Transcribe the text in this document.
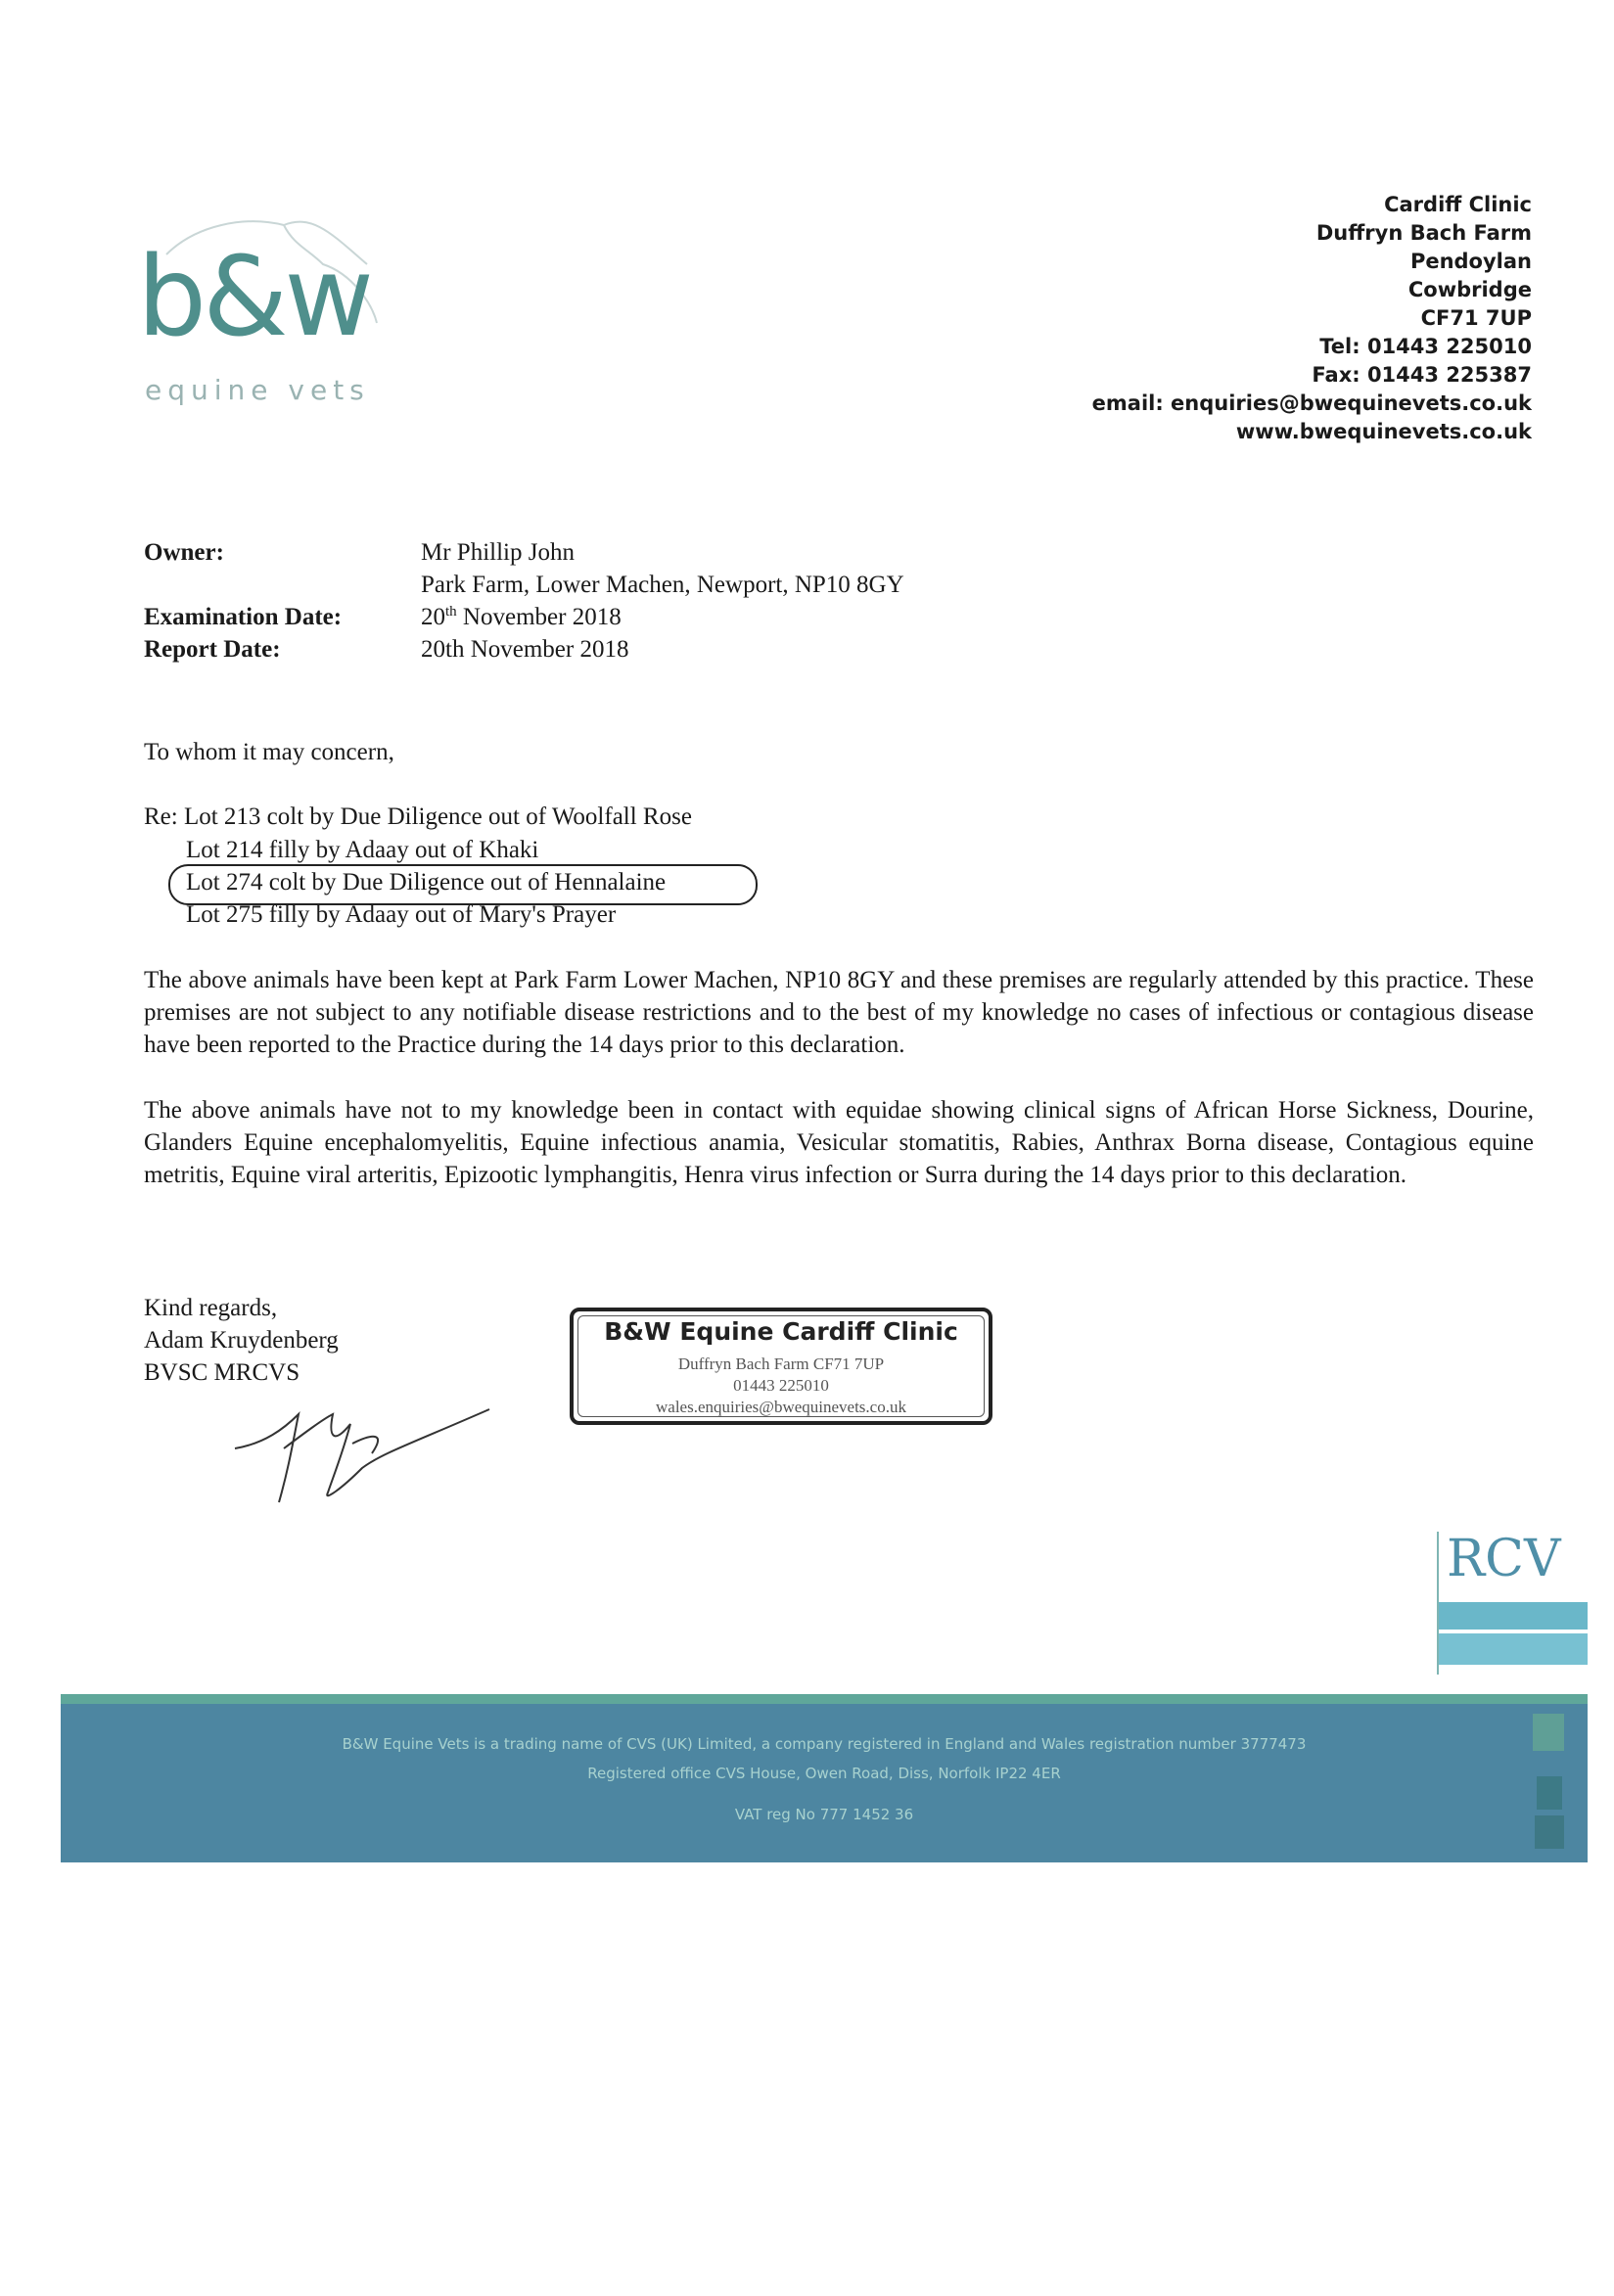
b&w
equine vets
Cardiff Clinic
Duffryn Bach Farm
Pendoylan
Cowbridge
CF71 7UP
Tel: 01443 225010
Fax: 01443 225387
email: enquiries@bwequinevets.co.uk
www.bwequinevets.co.uk
Owner:	Mr Phillip John
Park Farm, Lower Machen, Newport, NP10 8GY
Examination Date:	20th November 2018
Report Date:	20th November 2018
To whom it may concern,
Re: Lot 213 colt by Due Diligence out of Woolfall Rose
Lot 214 filly by Adaay out of Khaki
Lot 274 colt by Due Diligence out of Hennalaine
Lot 275 filly by Adaay out of Mary's Prayer
The above animals have been kept at Park Farm Lower Machen, NP10 8GY and these premises are regularly attended by this practice. These premises are not subject to any notifiable disease restrictions and to the best of my knowledge no cases of infectious or contagious disease have been reported to the Practice during the 14 days prior to this declaration.
The above animals have not to my knowledge been in contact with equidae showing clinical signs of African Horse Sickness, Dourine, Glanders Equine encephalomyelitis, Equine infectious anamia, Vesicular stomatitis, Rabies, Anthrax Borna disease, Contagious equine metritis, Equine viral arteritis, Epizootic lymphangitis, Henra virus infection or Surra during the 14 days prior to this declaration.
Kind regards,
Adam Kruydenberg
BVSC MRCVS
B&W Equine Cardiff Clinic
Duffryn Bach Farm CF71 7UP
01443 225010
wales.enquiries@bwequinevets.co.uk
RCV
B&W Equine Vets is a trading name of CVS (UK) Limited, a company registered in England and Wales registration number 3777473
Registered office CVS House, Owen Road, Diss, Norfolk IP22 4ER
VAT reg No 777 1452 36
